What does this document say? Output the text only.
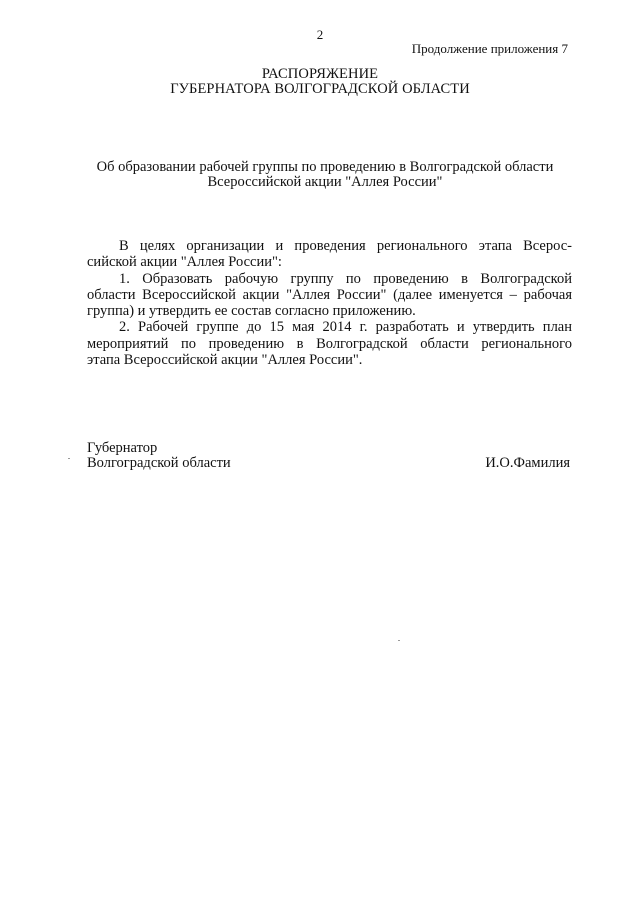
2
Продолжение приложения 7
РАСПОРЯЖЕНИЕ
ГУБЕРНАТОРА ВОЛГОГРАДСКОЙ ОБЛАСТИ
Об образовании рабочей группы по проведению в Волгоградской области
Всероссийской акции "Аллея России"
В целях организации и проведения регионального этапа Всерос-
сийской акции "Аллея России":
1. Образовать рабочую группу по проведению в Волгоградской
области Всероссийской акции "Аллея России" (далее именуется – рабочая
группа) и утвердить ее состав согласно приложению.
2. Рабочей группе до 15 мая 2014 г. разработать и утвердить план
мероприятий по проведению в Волгоградской области регионального
этапа Всероссийской акции "Аллея России".
Губернатор
Волгоградской области	И.О.Фамилия
